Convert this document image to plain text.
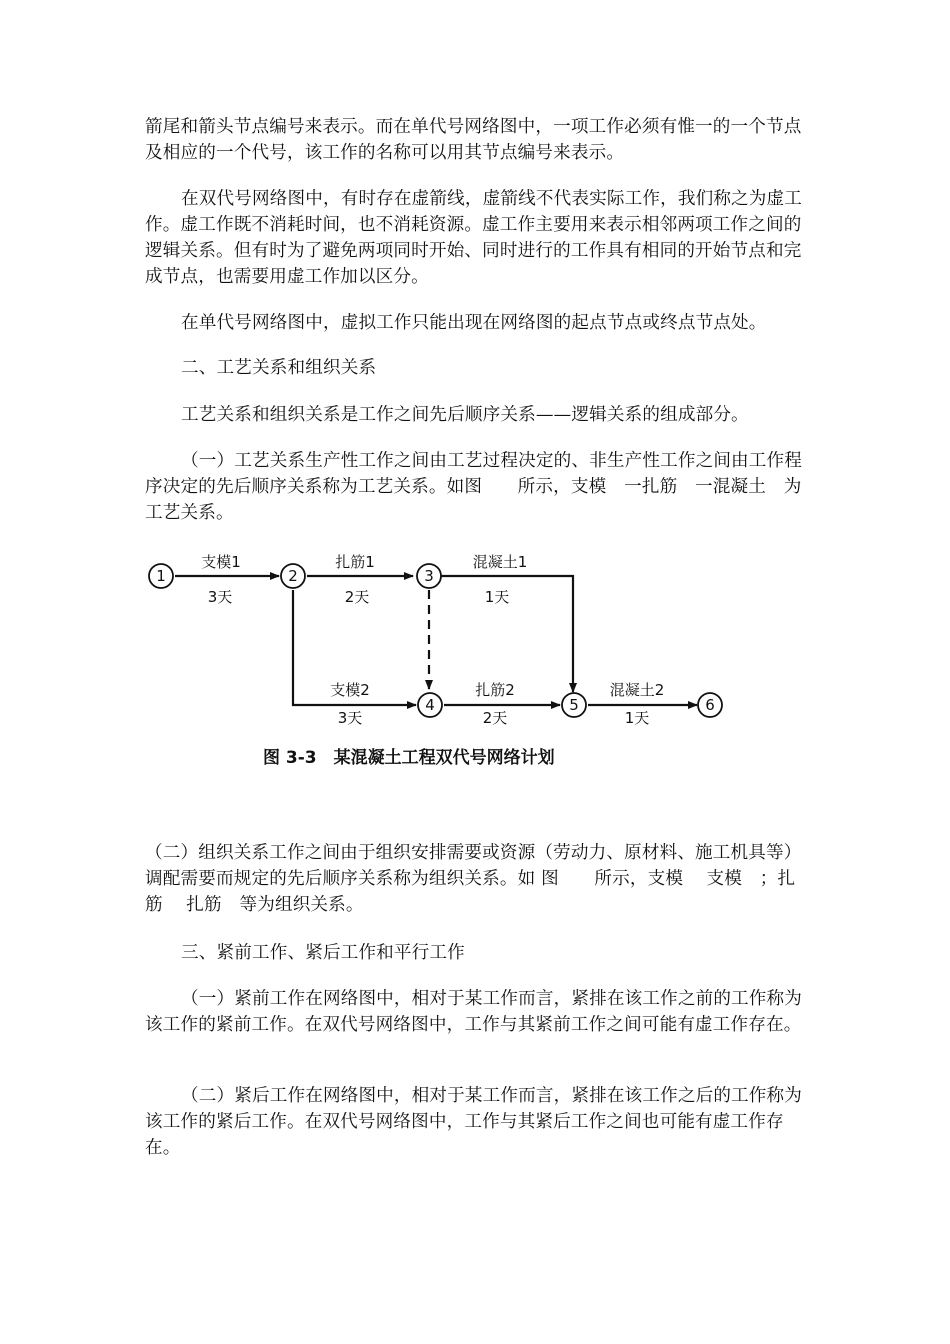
箭尾和箭头节点编号来表示。而在单代号网络图中，一项工作必须有惟一的一个节点及相应的一个代号，该工作的名称可以用其节点编号来表示。

在双代号网络图中，有时存在虚箭线，虚箭线不代表实际工作，我们称之为虚工作。虚工作既不消耗时间，也不消耗资源。虚工作主要用来表示相邻两项工作之间的逻辑关系。但有时为了避免两项同时开始、同时进行的工作具有相同的开始节点和完成节点，也需要用虚工作加以区分。

在单代号网络图中，虚拟工作只能出现在网络图的起点节点或终点节点处。

二、工艺关系和组织关系

工艺关系和组织关系是工作之间先后顺序关系——逻辑关系的组成部分。

（一）工艺关系生产性工作之间由工艺过程决定的、非生产性工作之间由工作程序决定的先后顺序关系称为工艺关系。如图　　所示，支模　一扎筋　一混凝土　为工艺关系。

1	2	3
4	5	6
支模1	扎筋1	混凝土1
支模2	扎筋2	混凝土2
3天	2天	1天
3天	2天	1天
图 3-3　某混凝土工程双代号网络计划

（二）组织关系工作之间由于组织安排需要或资源（劳动力、原材料、施工机具等）调配需要而规定的先后顺序关系称为组织关系。如 图　　所示，支模　 支模　；扎筋　 扎筋　等为组织关系。

三、紧前工作、紧后工作和平行工作

（一）紧前工作在网络图中，相对于某工作而言，紧排在该工作之前的工作称为该工作的紧前工作。在双代号网络图中，工作与其紧前工作之间可能有虚工作存在。

（二）紧后工作在网络图中，相对于某工作而言，紧排在该工作之后的工作称为该工作的紧后工作。在双代号网络图中，工作与其紧后工作之间也可能有虚工作存在。
